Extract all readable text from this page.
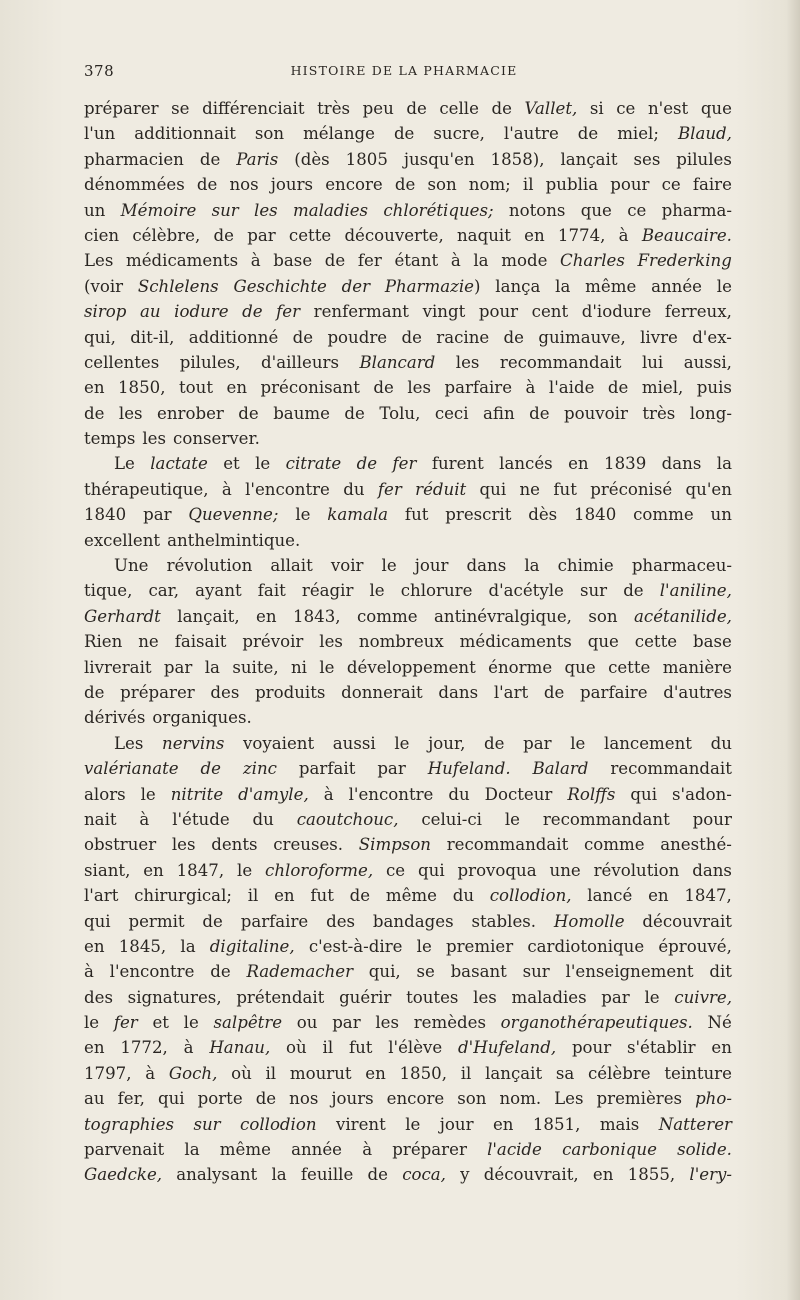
378	HISTOIRE DE LA PHARMACIE
préparer se différenciait très peu de celle de Vallet, si ce n'est que
l'un additionnait son mélange de sucre, l'autre de miel; Blaud,
pharmacien de Paris (dès 1805 jusqu'en 1858), lançait ses pilules
dénommées de nos jours encore de son nom; il publia pour ce faire
un Mémoire sur les maladies chlorétiques; notons que ce pharma-
cien célèbre, de par cette découverte, naquit en 1774, à Beaucaire.
Les médicaments à base de fer étant à la mode Charles Frederking
(voir Schlelens Geschichte der Pharmazie) lança la même année le
sirop au iodure de fer renfermant vingt pour cent d'iodure ferreux,
qui, dit-il, additionné de poudre de racine de guimauve, livre d'ex-
cellentes pilules, d'ailleurs Blancard les recommandait lui aussi,
en 1850, tout en préconisant de les parfaire à l'aide de miel, puis
de les enrober de baume de Tolu, ceci afin de pouvoir très long-
temps les conserver.
Le lactate et le citrate de fer furent lancés en 1839 dans la
thérapeutique, à l'encontre du fer réduit qui ne fut préconisé qu'en
1840 par Quevenne; le kamala fut prescrit dès 1840 comme un
excellent anthelmintique.
Une révolution allait voir le jour dans la chimie pharmaceu-
tique, car, ayant fait réagir le chlorure d'acétyle sur de l'aniline,
Gerhardt lançait, en 1843, comme antinévralgique, son acétanilide,
Rien ne faisait prévoir les nombreux médicaments que cette base
livrerait par la suite, ni le développement énorme que cette manière
de préparer des produits donnerait dans l'art de parfaire d'autres
dérivés organiques.
Les nervins voyaient aussi le jour, de par le lancement du
valérianate de zinc parfait par Hufeland. Balard recommandait
alors le nitrite d'amyle, à l'encontre du Docteur Rolffs qui s'adon-
nait à l'étude du caoutchouc, celui-ci le recommandant pour
obstruer les dents creuses. Simpson recommandait comme anesthé-
siant, en 1847, le chloroforme, ce qui provoqua une révolution dans
l'art chirurgical; il en fut de même du collodion, lancé en 1847,
qui permit de parfaire des bandages stables. Homolle découvrait
en 1845, la digitaline, c'est-à-dire le premier cardiotonique éprouvé,
à l'encontre de Rademacher qui, se basant sur l'enseignement dit
des signatures, prétendait guérir toutes les maladies par le cuivre,
le fer et le salpêtre ou par les remèdes organothérapeutiques. Né
en 1772, à Hanau, où il fut l'élève d'Hufeland, pour s'établir en
1797, à Goch, où il mourut en 1850, il lançait sa célèbre teinture
au fer, qui porte de nos jours encore son nom. Les premières pho-
tographies sur collodion virent le jour en 1851, mais Natterer
parvenait la même année à préparer l'acide carbonique solide.
Gaedcke, analysant la feuille de coca, y découvrait, en 1855, l'ery-
